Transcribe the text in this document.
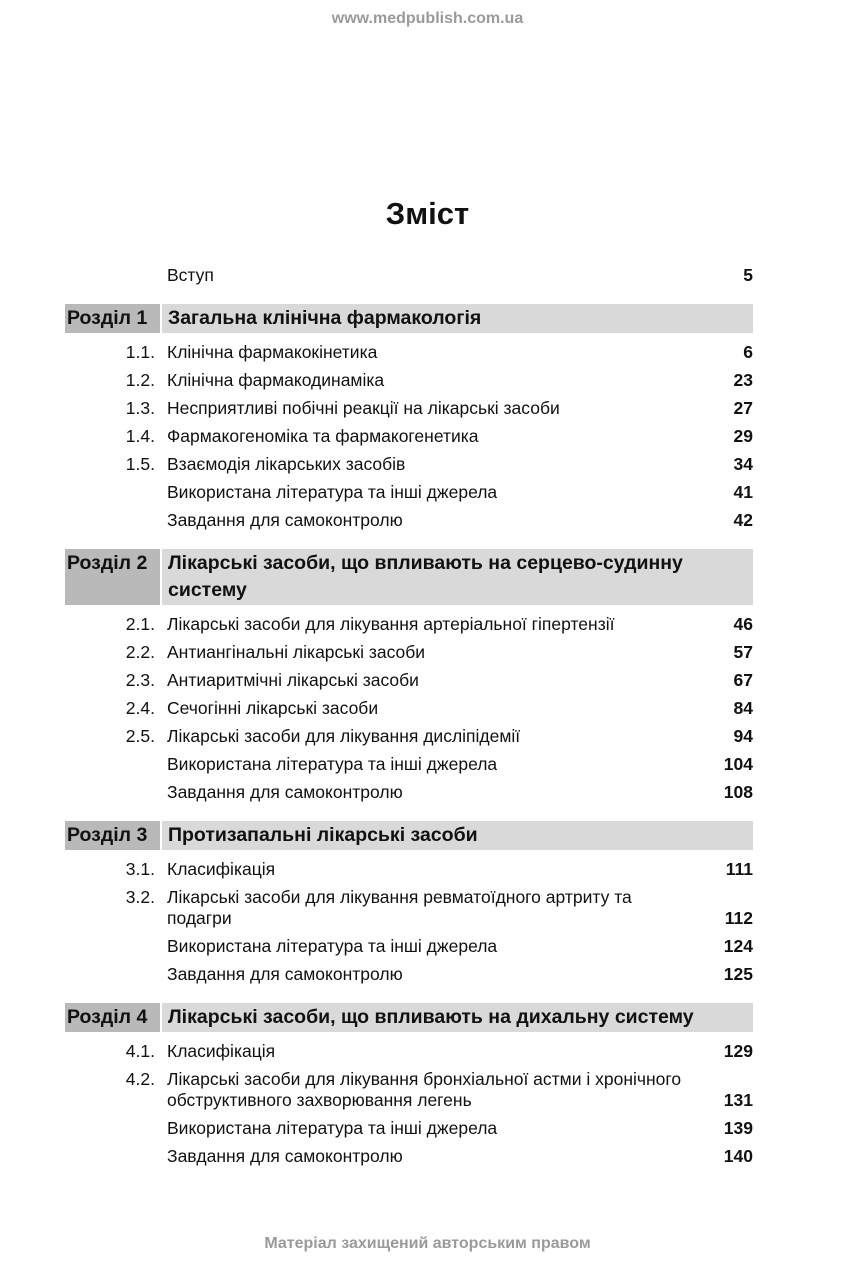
www.medpublish.com.ua
Зміст
Вступ	5
Розділ 1	Загальна клінічна фармакологія
1.1. Клінічна фармакокінетика	6
1.2. Клінічна фармакодинаміка	23
1.3. Несприятливі побічні реакції на лікарські засоби	27
1.4. Фармакогеноміка та фармакогенетика	29
1.5. Взаємодія лікарських засобів	34
Використана література та інші джерела	41
Завдання для самоконтролю	42
Розділ 2	Лікарські засоби, що впливають на серцево-судинну систему
2.1. Лікарські засоби для лікування артеріальної гіпертензії	46
2.2. Антиангінальні лікарські засоби	57
2.3. Антиаритмічні лікарські засоби	67
2.4. Сечогінні лікарські засоби	84
2.5. Лікарські засоби для лікування дисліпідемії	94
Використана література та інші джерела	104
Завдання для самоконтролю	108
Розділ 3	Протизапальні лікарські засоби
3.1. Класифікація	111
3.2. Лікарські засоби для лікування ревматоїдного артриту та подагри	112
Використана література та інші джерела	124
Завдання для самоконтролю	125
Розділ 4	Лікарські засоби, що впливають на дихальну систему
4.1. Класифікація	129
4.2. Лікарські засоби для лікування бронхіальної астми і хронічного обструктивного захворювання легень	131
Використана література та інші джерела	139
Завдання для самоконтролю	140
Матеріал захищений авторським правом
